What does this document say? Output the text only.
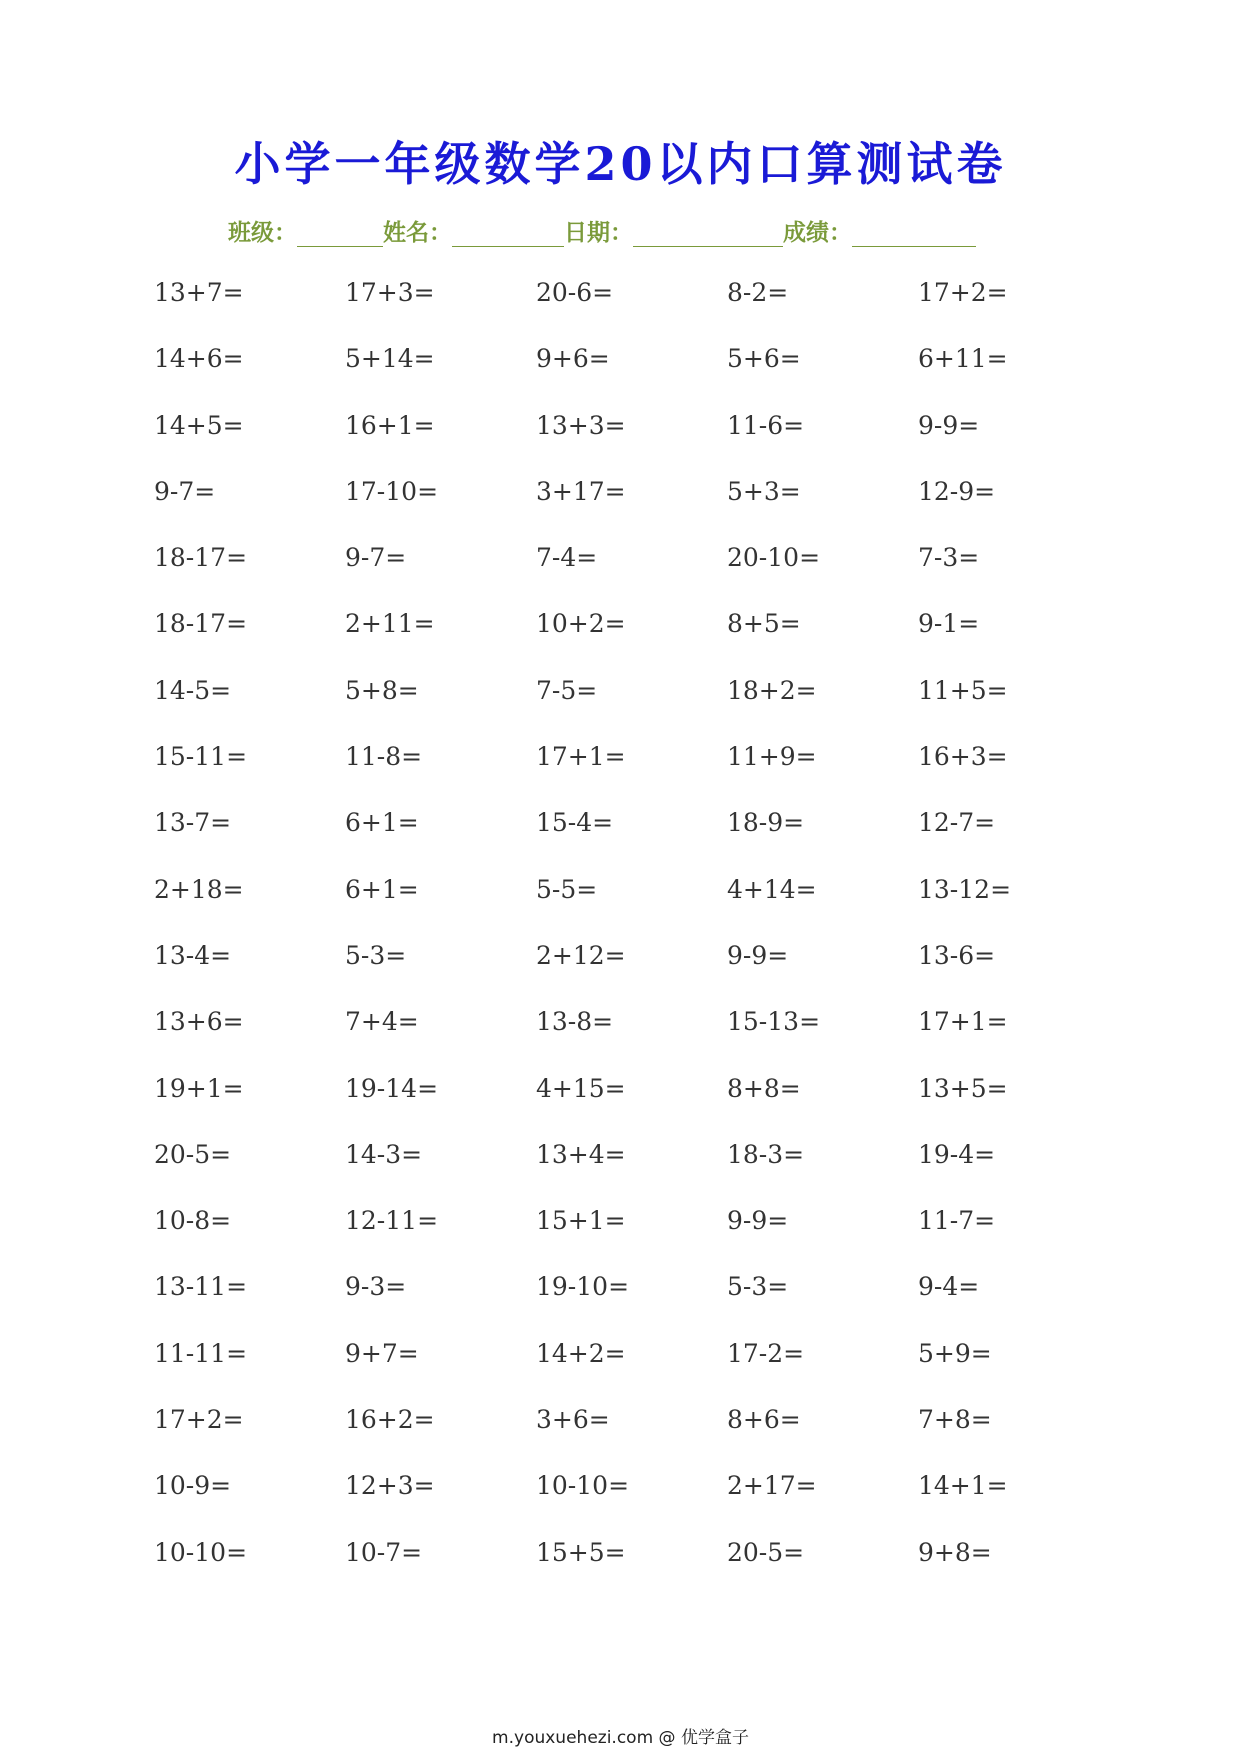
小学一年级数学20以内口算测试卷
班级：	姓名：	日期：	成绩：
13+7=	17+3=	20-6=	8-2=	17+2=
14+6=	5+14=	9+6=	5+6=	6+11=
14+5=	16+1=	13+3=	11-6=	9-9=
9-7=	17-10=	3+17=	5+3=	12-9=
18-17=	9-7=	7-4=	20-10=	7-3=
18-17=	2+11=	10+2=	8+5=	9-1=
14-5=	5+8=	7-5=	18+2=	11+5=
15-11=	11-8=	17+1=	11+9=	16+3=
13-7=	6+1=	15-4=	18-9=	12-7=
2+18=	6+1=	5-5=	4+14=	13-12=
13-4=	5-3=	2+12=	9-9=	13-6=
13+6=	7+4=	13-8=	15-13=	17+1=
19+1=	19-14=	4+15=	8+8=	13+5=
20-5=	14-3=	13+4=	18-3=	19-4=
10-8=	12-11=	15+1=	9-9=	11-7=
13-11=	9-3=	19-10=	5-3=	9-4=
11-11=	9+7=	14+2=	17-2=	5+9=
17+2=	16+2=	3+6=	8+6=	7+8=
10-9=	12+3=	10-10=	2+17=	14+1=
10-10=	10-7=	15+5=	20-5=	9+8=
m.youxuehezi.com @ 优学盒子
